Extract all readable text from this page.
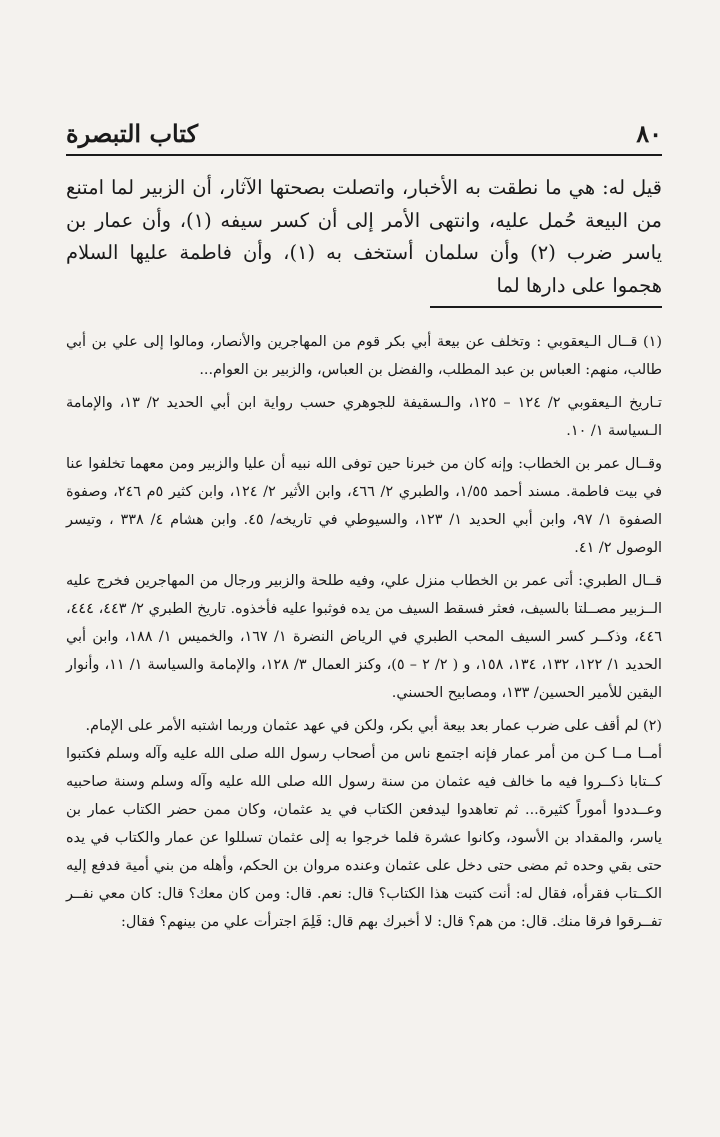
٨٠
كتاب التبصرة

قيل له: هي ما نطقت به الأخبار، واتصلت بصحتها الآثار، أن الزبير لما امتنع من البيعة حُمل عليه، وانتهى الأمر إلى أن كسر سيفه (١)، وأن عمار بن ياسر ضرب (٢) وأن سلمان أستخف به (١)، وأن فاطمة عليها السلام هجموا على دارها لما

(١) قــال الـيعقوبي : وتخلف عن بيعة أبي بكر قوم من المهاجرين والأنصار، ومالوا إلى علي بن أبي طالب، منهم: العباس بن عبد المطلب، والفضل بن العباس، والزبير بن العوام...

تـاريخ الـيعقوبي ٢/ ١٢٤ – ١٢٥، والـسقيفة للجوهري حسب رواية ابن أبي الحديد ٢/ ١٣، والإمامة الـسياسة ١/ ١٠.

وقــال عمر بن الخطاب: وإنه كان من خبرنا حين توفى الله نبيه أن عليا والزبير ومن معهما تخلفوا عنا في بيت فاطمة. مسند أحمد ١/٥٥، والطبري ٢/ ٤٦٦، وابن الأثير ٢/ ١٢٤، وابن كثير ٥م ٢٤٦، وصفوة الصفوة ١/ ٩٧، وابن أبي الحديد ١/ ١٢٣، والسيوطي في تاريخه/ ٤٥. وابن هشام ٤/ ٣٣٨ ، وتيسر الوصول ٢/ ٤١.

قــال الطبري: أتى عمر بن الخطاب منزل علي، وفيه طلحة والزبير ورجال من المهاجرين فخرج عليه الــزبير مصــلتا بالسيف، فعثر فسقط السيف من يده فوثبوا عليه فأخذوه. تاريخ الطبري ٢/ ٤٤٣، ٤٤٤، ٤٤٦، وذكــر كسر السيف المحب الطبري في الرياض النضرة ١/ ١٦٧، والخميس ١/ ١٨٨، وابن أبي الحديد ١/ ١٢٢، ١٣٢، ١٣٤، ١٥٨، و ( ٢/ ٢ – ٥)، وكنز العمال ٣/ ١٢٨، والإمامة والسياسة ١/ ١١، وأنوار اليقين للأمير الحسين/ ١٣٣، ومصابيح الحسني.

(٢) لم أقف على ضرب عمار بعد بيعة أبي بكر، ولكن في عهد عثمان وربما اشتبه الأمر على الإمام.

أمــا مــا كـن من أمر عمار فإنه اجتمع ناس من أصحاب رسول الله صلى الله عليه وآله وسلم فكتبوا كــتابا ذكــروا فيه ما خالف فيه عثمان من سنة رسول الله صلى الله عليه وآله وسلم وسنة صاحبيه وعــددوا أموراً كثيرة... ثم تعاهدوا ليدفعن الكتاب في يد عثمان، وكان ممن حضر الكتاب عمار بن ياسر، والمقداد بن الأسود، وكانوا عشرة فلما خرجوا به إلى عثمان تسللوا عن عمار والكتاب في يده حتى بقي وحده ثم مضى حتى دخل على عثمان وعنده مروان بن الحكم، وأهله من بني أمية فدفع إليه الكــتاب فقرأه، فقال له: أنت كتبت هذا الكتاب؟ قال: نعم. قال: ومن كان معك؟ قال: كان معي نفــر تفــرقوا فرقا منك. قال: من هم؟ قال: لا أخبرك بهم قال: فَلِمَ اجترأت علي من بينهم؟ فقال:
